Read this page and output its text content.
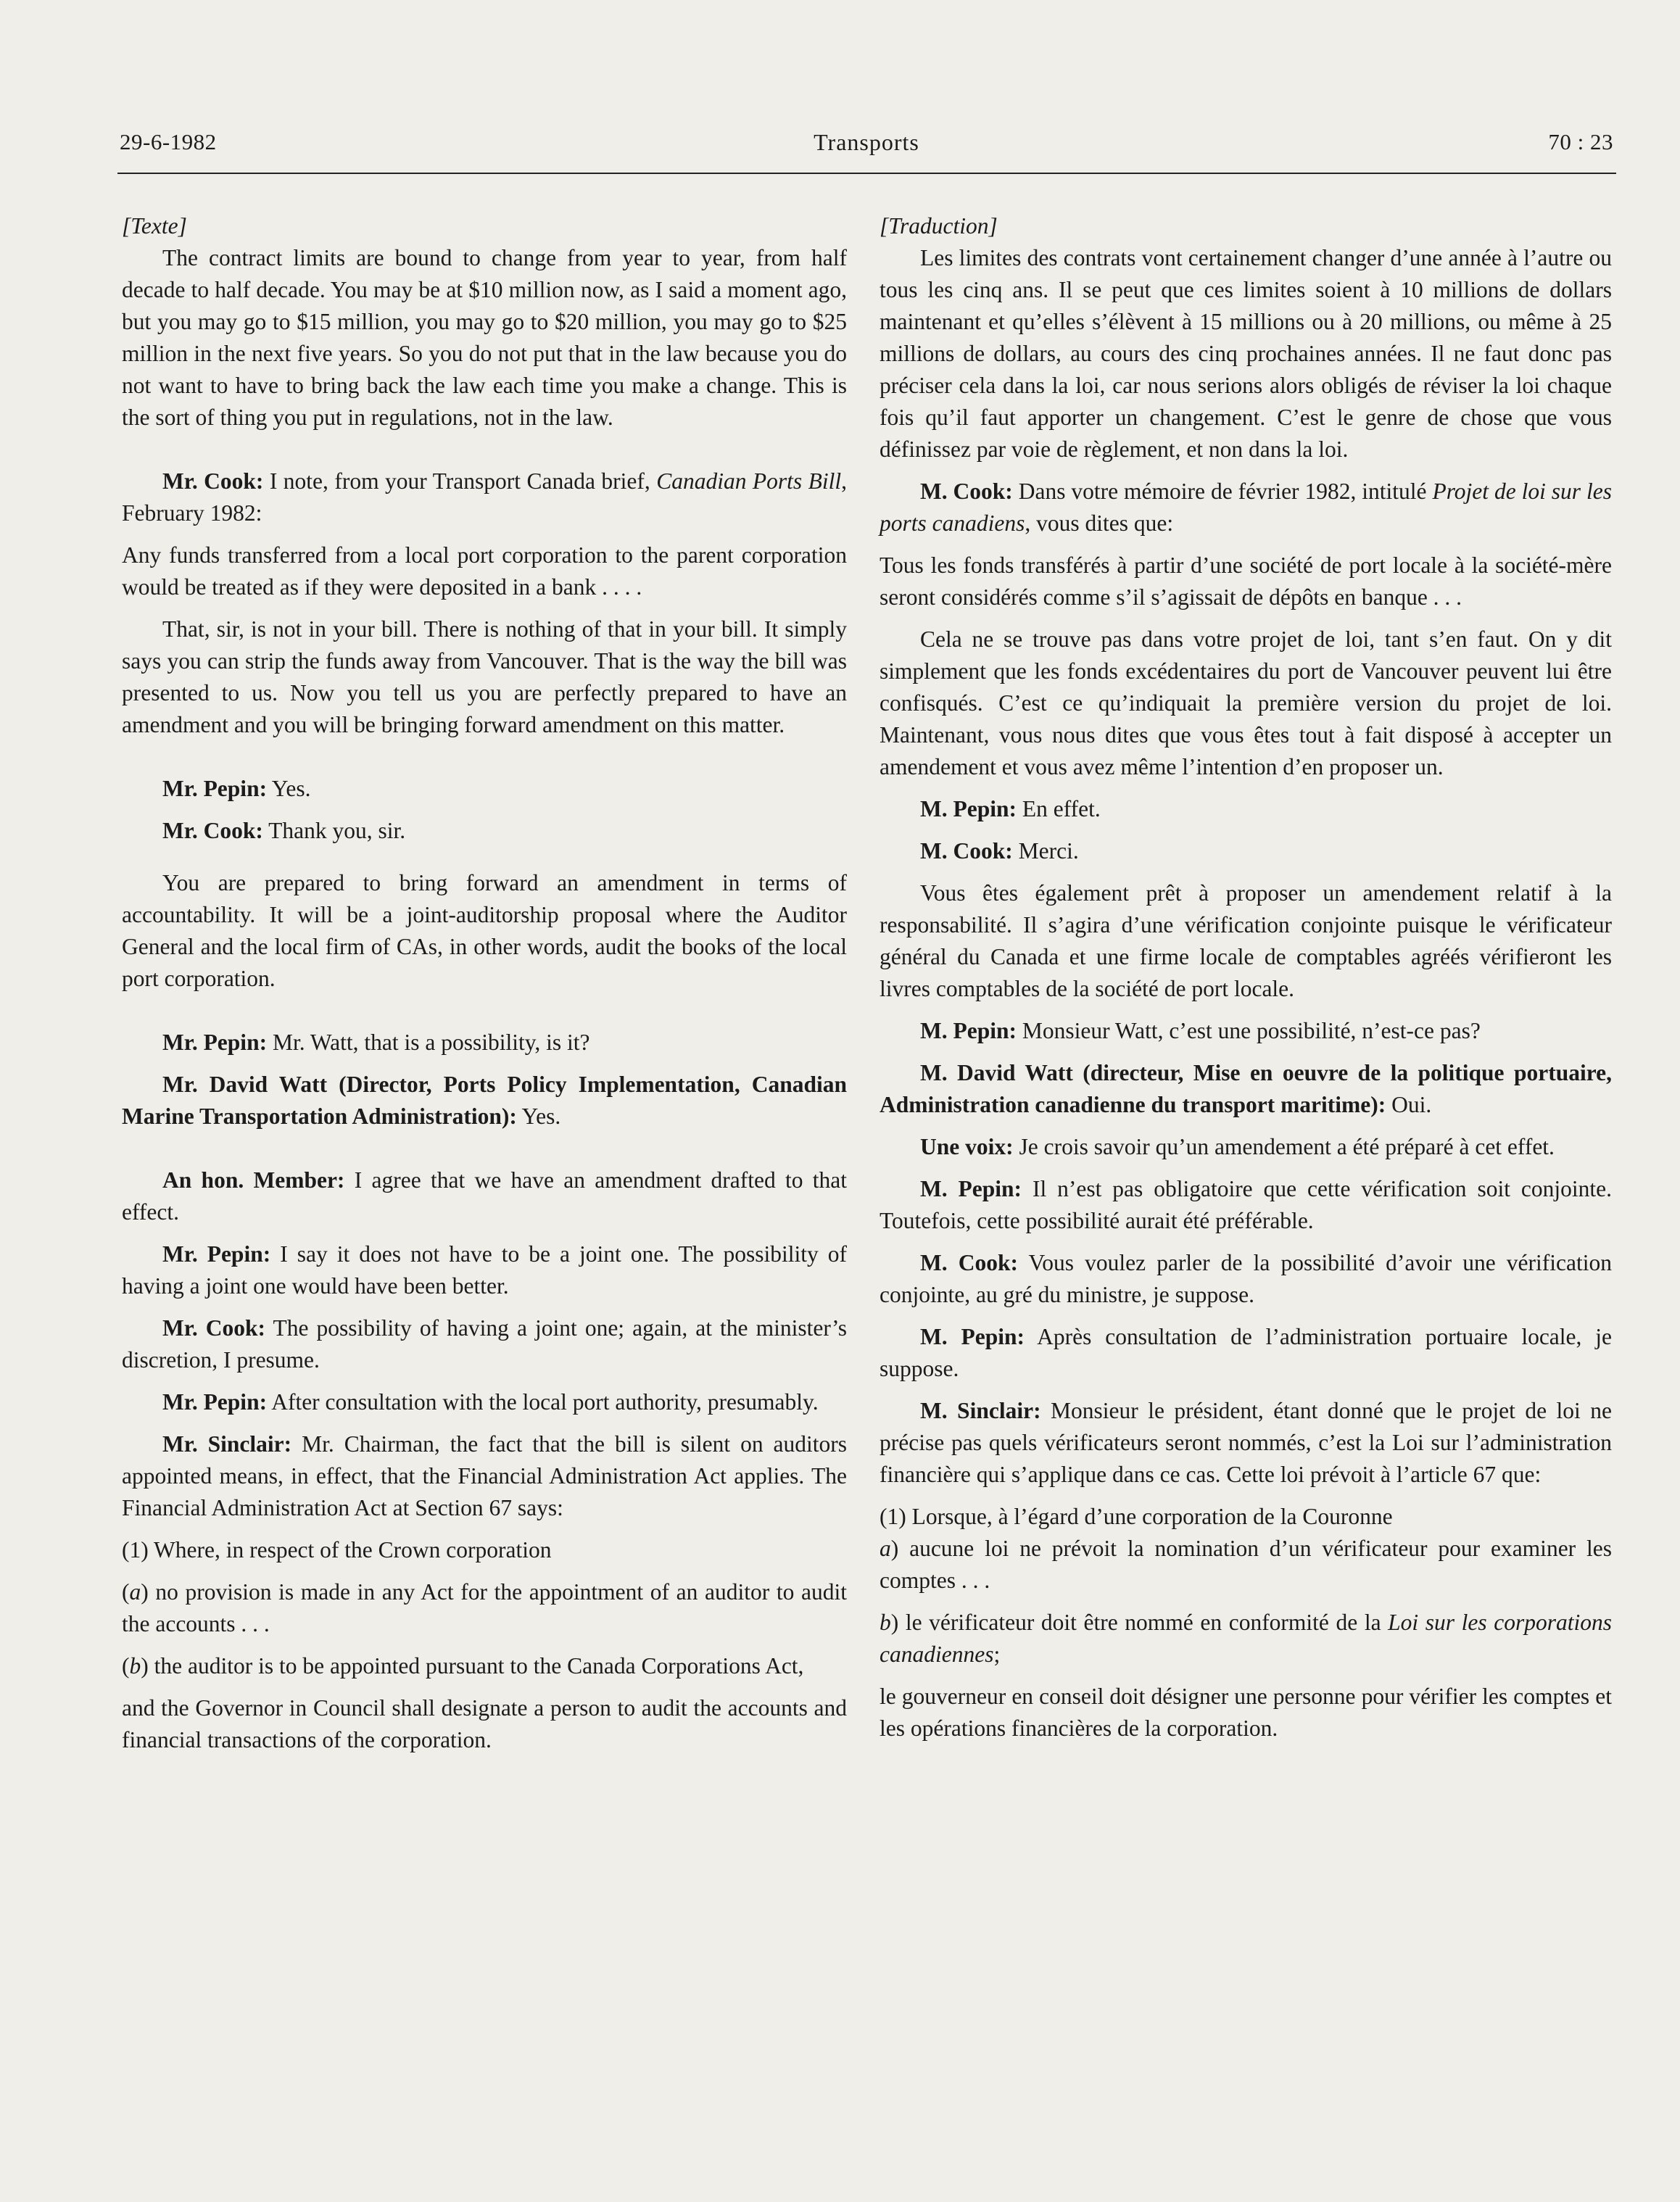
29-6-1982	Transports	70 : 23

[Texte]

The contract limits are bound to change from year to year, from half decade to half decade. You may be at $10 million now, as I said a moment ago, but you may go to $15 million, you may go to $20 million, you may go to $25 million in the next five years. So you do not put that in the law because you do not want to have to bring back the law each time you make a change. This is the sort of thing you put in regulations, not in the law.

Mr. Cook: I note, from your Transport Canada brief, Canadian Ports Bill, February 1982:

Any funds transferred from a local port corporation to the parent corporation would be treated as if they were deposited in a bank . . . .

That, sir, is not in your bill. There is nothing of that in your bill. It simply says you can strip the funds away from Vancouver. That is the way the bill was presented to us. Now you tell us you are perfectly prepared to have an amendment and you will be bringing forward amendment on this matter.

Mr. Pepin: Yes.

Mr. Cook: Thank you, sir.

You are prepared to bring forward an amendment in terms of accountability. It will be a joint-auditorship proposal where the Auditor General and the local firm of CAs, in other words, audit the books of the local port corporation.

Mr. Pepin: Mr. Watt, that is a possibility, is it?

Mr. David Watt (Director, Ports Policy Implementation, Canadian Marine Transportation Administration): Yes.

An hon. Member: I agree that we have an amendment drafted to that effect.

Mr. Pepin: I say it does not have to be a joint one. The possibility of having a joint one would have been better.

Mr. Cook: The possibility of having a joint one; again, at the minister’s discretion, I presume.

Mr. Pepin: After consultation with the local port authority, presumably.

Mr. Sinclair: Mr. Chairman, the fact that the bill is silent on auditors appointed means, in effect, that the Financial Administration Act applies. The Financial Administration Act at Section 67 says:

(1) Where, in respect of the Crown corporation

(a) no provision is made in any Act for the appointment of an auditor to audit the accounts . . .

(b) the auditor is to be appointed pursuant to the Canada Corporations Act,

and the Governor in Council shall designate a person to audit the accounts and financial transactions of the corporation.

[Traduction]

Les limites des contrats vont certainement changer d’une année à l’autre ou tous les cinq ans. Il se peut que ces limites soient à 10 millions de dollars maintenant et qu’elles s’élèvent à 15 millions ou à 20 millions, ou même à 25 millions de dollars, au cours des cinq prochaines années. Il ne faut donc pas préciser cela dans la loi, car nous serions alors obligés de réviser la loi chaque fois qu’il faut apporter un changement. C’est le genre de chose que vous définissez par voie de règlement, et non dans la loi.

M. Cook: Dans votre mémoire de février 1982, intitulé Projet de loi sur les ports canadiens, vous dites que:

Tous les fonds transférés à partir d’une société de port locale à la société-mère seront considérés comme s’il s’agissait de dépôts en banque . . .

Cela ne se trouve pas dans votre projet de loi, tant s’en faut. On y dit simplement que les fonds excédentaires du port de Vancouver peuvent lui être confisqués. C’est ce qu’indiquait la première version du projet de loi. Maintenant, vous nous dites que vous êtes tout à fait disposé à accepter un amendement et vous avez même l’intention d’en proposer un.

M. Pepin: En effet.

M. Cook: Merci.

Vous êtes également prêt à proposer un amendement relatif à la responsabilité. Il s’agira d’une vérification conjointe puisque le vérificateur général du Canada et une firme locale de comptables agréés vérifieront les livres comptables de la société de port locale.

M. Pepin: Monsieur Watt, c’est une possibilité, n’est-ce pas?

M. David Watt (directeur, Mise en oeuvre de la politique portuaire, Administration canadienne du transport maritime): Oui.

Une voix: Je crois savoir qu’un amendement a été préparé à cet effet.

M. Pepin: Il n’est pas obligatoire que cette vérification soit conjointe. Toutefois, cette possibilité aurait été préférable.

M. Cook: Vous voulez parler de la possibilité d’avoir une vérification conjointe, au gré du ministre, je suppose.

M. Pepin: Après consultation de l’administration portuaire locale, je suppose.

M. Sinclair: Monsieur le président, étant donné que le projet de loi ne précise pas quels vérificateurs seront nommés, c’est la Loi sur l’administration financière qui s’applique dans ce cas. Cette loi prévoit à l’article 67 que:

(1) Lorsque, à l’égard d’une corporation de la Couronne

a) aucune loi ne prévoit la nomination d’un vérificateur pour examiner les comptes . . .

b) le vérificateur doit être nommé en conformité de la Loi sur les corporations canadiennes;

le gouverneur en conseil doit désigner une personne pour vérifier les comptes et les opérations financières de la corporation.
